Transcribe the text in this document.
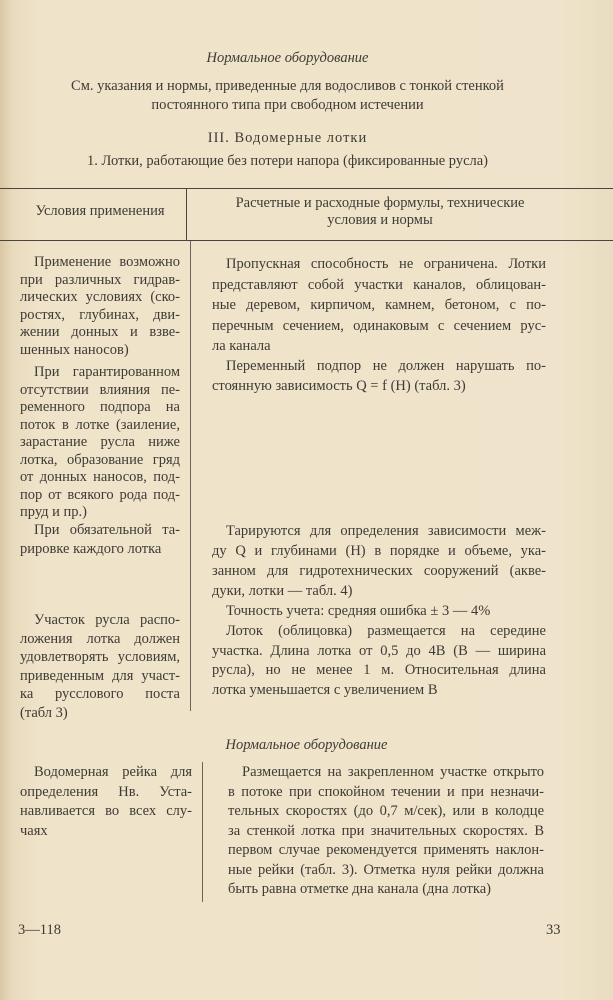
Нормальное оборудование
См. указания и нормы, приведенные для водосливов с тонкой стенкой
постоянного типа при свободном истечении
III. Водомерные лотки
1. Лотки, работающие без потери напора (фиксированные русла)
Условия применения	Расчетные и расходные формулы, технические
условия и нормы
Применение возможно
при различных гидрав-
лических условиях (ско-
ростях, глубинах, дви-
жении донных и взве-
шенных наносов)
При гарантированном
отсутствии влияния пе-
ременного подпора на
поток в лотке (заиление,
зарастание русла ниже
лотка, образование гряд
от донных наносов, под-
пор от всякого рода под-
пруд и пр.)
При обязательной та-
рировке каждого лотка
Участок русла распо-
ложения лотка должен
удовлетворять условиям,
приведенным для участ-
ка русслового поста
(табл 3)
Пропускная способность не ограничена. Лотки
представляют собой участки каналов, облицован-
ные деревом, кирпичом, камнем, бетоном, с по-
перечным сечением, одинаковым с сечением рус-
ла канала
Переменный подпор не должен нарушать по-
стоянную зависимость Q = f (H) (табл. 3)
Тарируются для определения зависимости меж-
ду Q и глубинами (H) в порядке и объеме, ука-
занном для гидротехнических сооружений (акве-
дуки, лотки — табл. 4)
Точность учета: средняя ошибка ± 3 — 4%
Лоток (облицовка) размещается на середине
участка. Длина лотка от 0,5 до 4B (B — ширина
русла), но не менее 1 м. Относительная длина
лотка уменьшается с увеличением B
Водомерная рейка для
определения Hв. Уста-
навливается во всех слу-
чаях
Размещается на закрепленном участке открыто
в потоке при спокойном течении и при незначи-
тельных скоростях (до 0,7 м/сек), или в колодце
за стенкой лотка при значительных скоростях. В
первом случае рекомендуется применять наклон-
ные рейки (табл. 3). Отметка нуля рейки должна
быть равна отметке дна канала (дна лотка)
Нормальное оборудование
3—118	33
